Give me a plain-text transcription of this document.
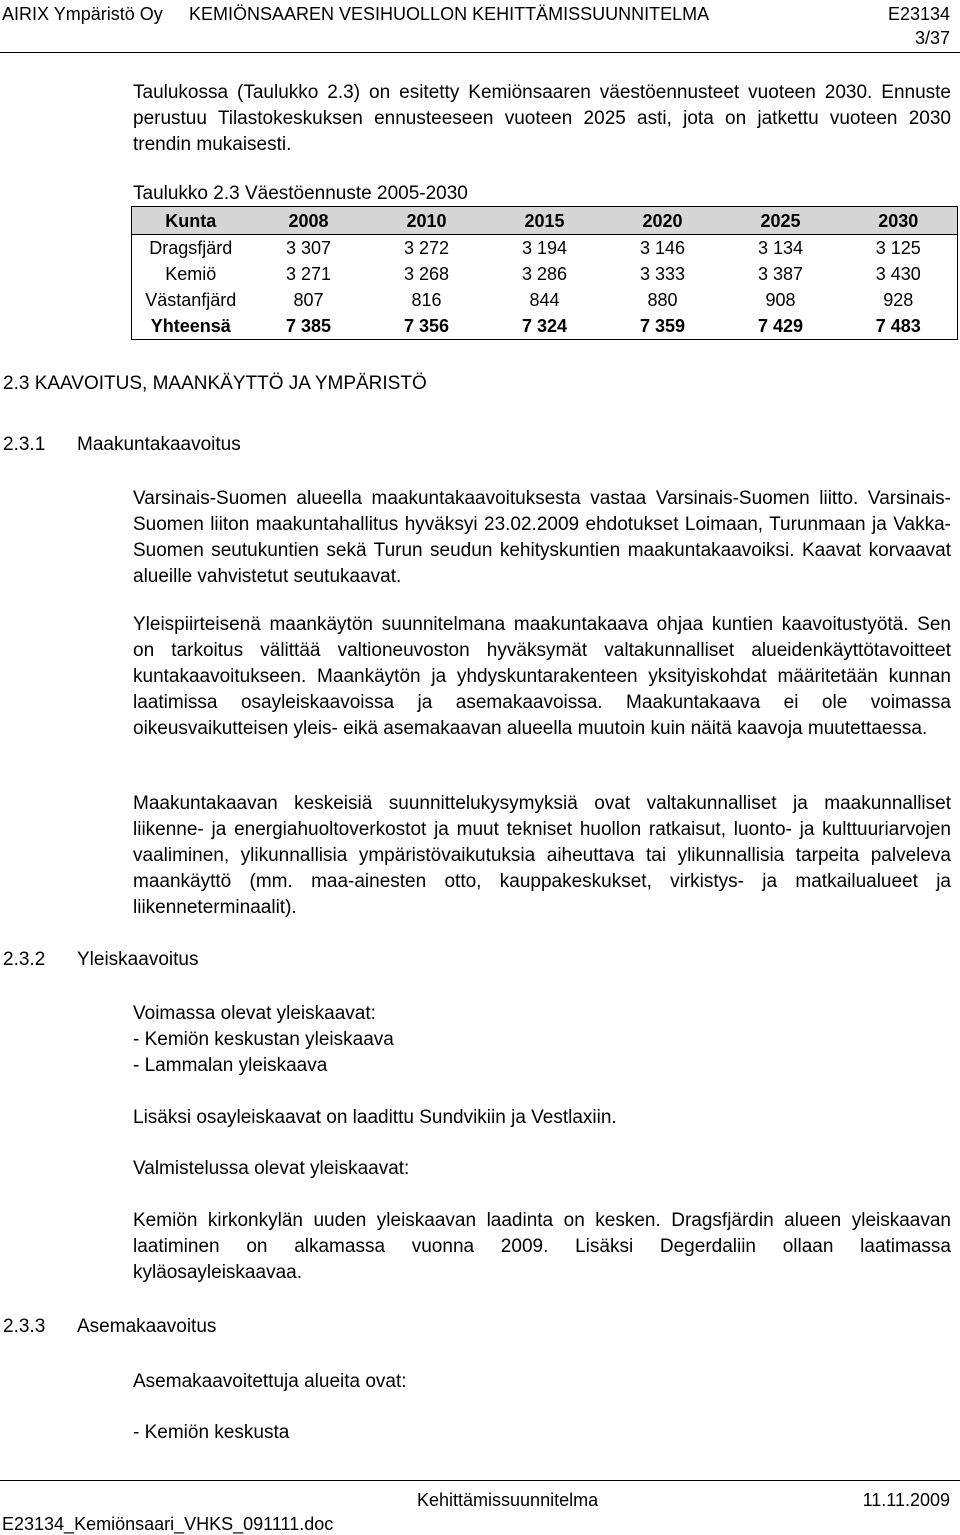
AIRIX Ympäristö Oy KEMIÖNSAAREN VESIHUOLLON KEHITTÄMISSUUNNITELMA	E23134
3/37

Taulukossa (Taulukko 2.3) on esitetty Kemiönsaaren väestöennusteet vuoteen 2030. Ennuste perustuu Tilastokeskuksen ennusteeseen vuoteen 2025 asti, jota on jatkettu vuoteen 2030 trendin mukaisesti.

Taulukko 2.3 Väestöennuste 2005-2030
Kunta	2008	2010	2015	2020	2025	2030
Dragsfjärd	3 307	3 272	3 194	3 146	3 134	3 125
Kemiö	3 271	3 268	3 286	3 333	3 387	3 430
Västanfjärd	807	816	844	880	908	928
Yhteensä	7 385	7 356	7 324	7 359	7 429	7 483
2.3 KAAVOITUS, MAANKÄYTTÖ JA YMPÄRISTÖ
2.3.1 Maakuntakaavoitus

Varsinais-Suomen alueella maakuntakaavoituksesta vastaa Varsinais-Suomen liitto. Varsinais-Suomen liiton maakuntahallitus hyväksyi 23.02.2009 ehdotukset Loimaan, Turunmaan ja Vakka-Suomen seutukuntien sekä Turun seudun kehityskuntien maakuntakaavoiksi. Kaavat korvaavat alueille vahvistetut seutukaavat.

Yleispiirteisenä maankäytön suunnitelmana maakuntakaava ohjaa kuntien kaavoitustyötä. Sen on tarkoitus välittää valtioneuvoston hyväksymät valtakunnalliset alueidenkäyttötavoitteet kuntakaavoitukseen. Maankäytön ja yhdyskuntarakenteen yksityiskohdat määritetään kunnan laatimissa osayleiskaavoissa ja asemakaavoissa. Maakuntakaava ei ole voimassa oikeusvaikutteisen yleis- eikä asemakaavan alueella muutoin kuin näitä kaavoja muutettaessa.

Maakuntakaavan keskeisiä suunnittelukysymyksiä ovat valtakunnalliset ja maakunnalliset liikenne- ja energiahuoltoverkostot ja muut tekniset huollon ratkaisut, luonto- ja kulttuuriarvojen vaaliminen, ylikunnallisia ympäristövaikutuksia aiheuttava tai ylikunnallisia tarpeita palveleva maankäyttö (mm. maa-ainesten otto, kauppakeskukset, virkistys- ja matkailualueet ja liikenneterminaalit).

2.3.2 Yleiskaavoitus
Voimassa olevat yleiskaavat:
- Kemiön keskustan yleiskaava
- Lammalan yleiskaava
Lisäksi osayleiskaavat on laadittu Sundvikiin ja Vestlaxiin.
Valmistelussa olevat yleiskaavat:

Kemiön kirkonkylän uuden yleiskaavan laadinta on kesken. Dragsfjärdin alueen yleiskaavan laatiminen on alkamassa vuonna 2009. Lisäksi Degerdaliin ollaan laatimassa kyläosayleiskaavaa.

2.3.3 Asemakaavoitus
Asemakaavoitettuja alueita ovat:
- Kemiön keskusta
E23134_Kemiönsaari_VHKS_091111.doc
Kehittämissuunnitelma	11.11.2009
